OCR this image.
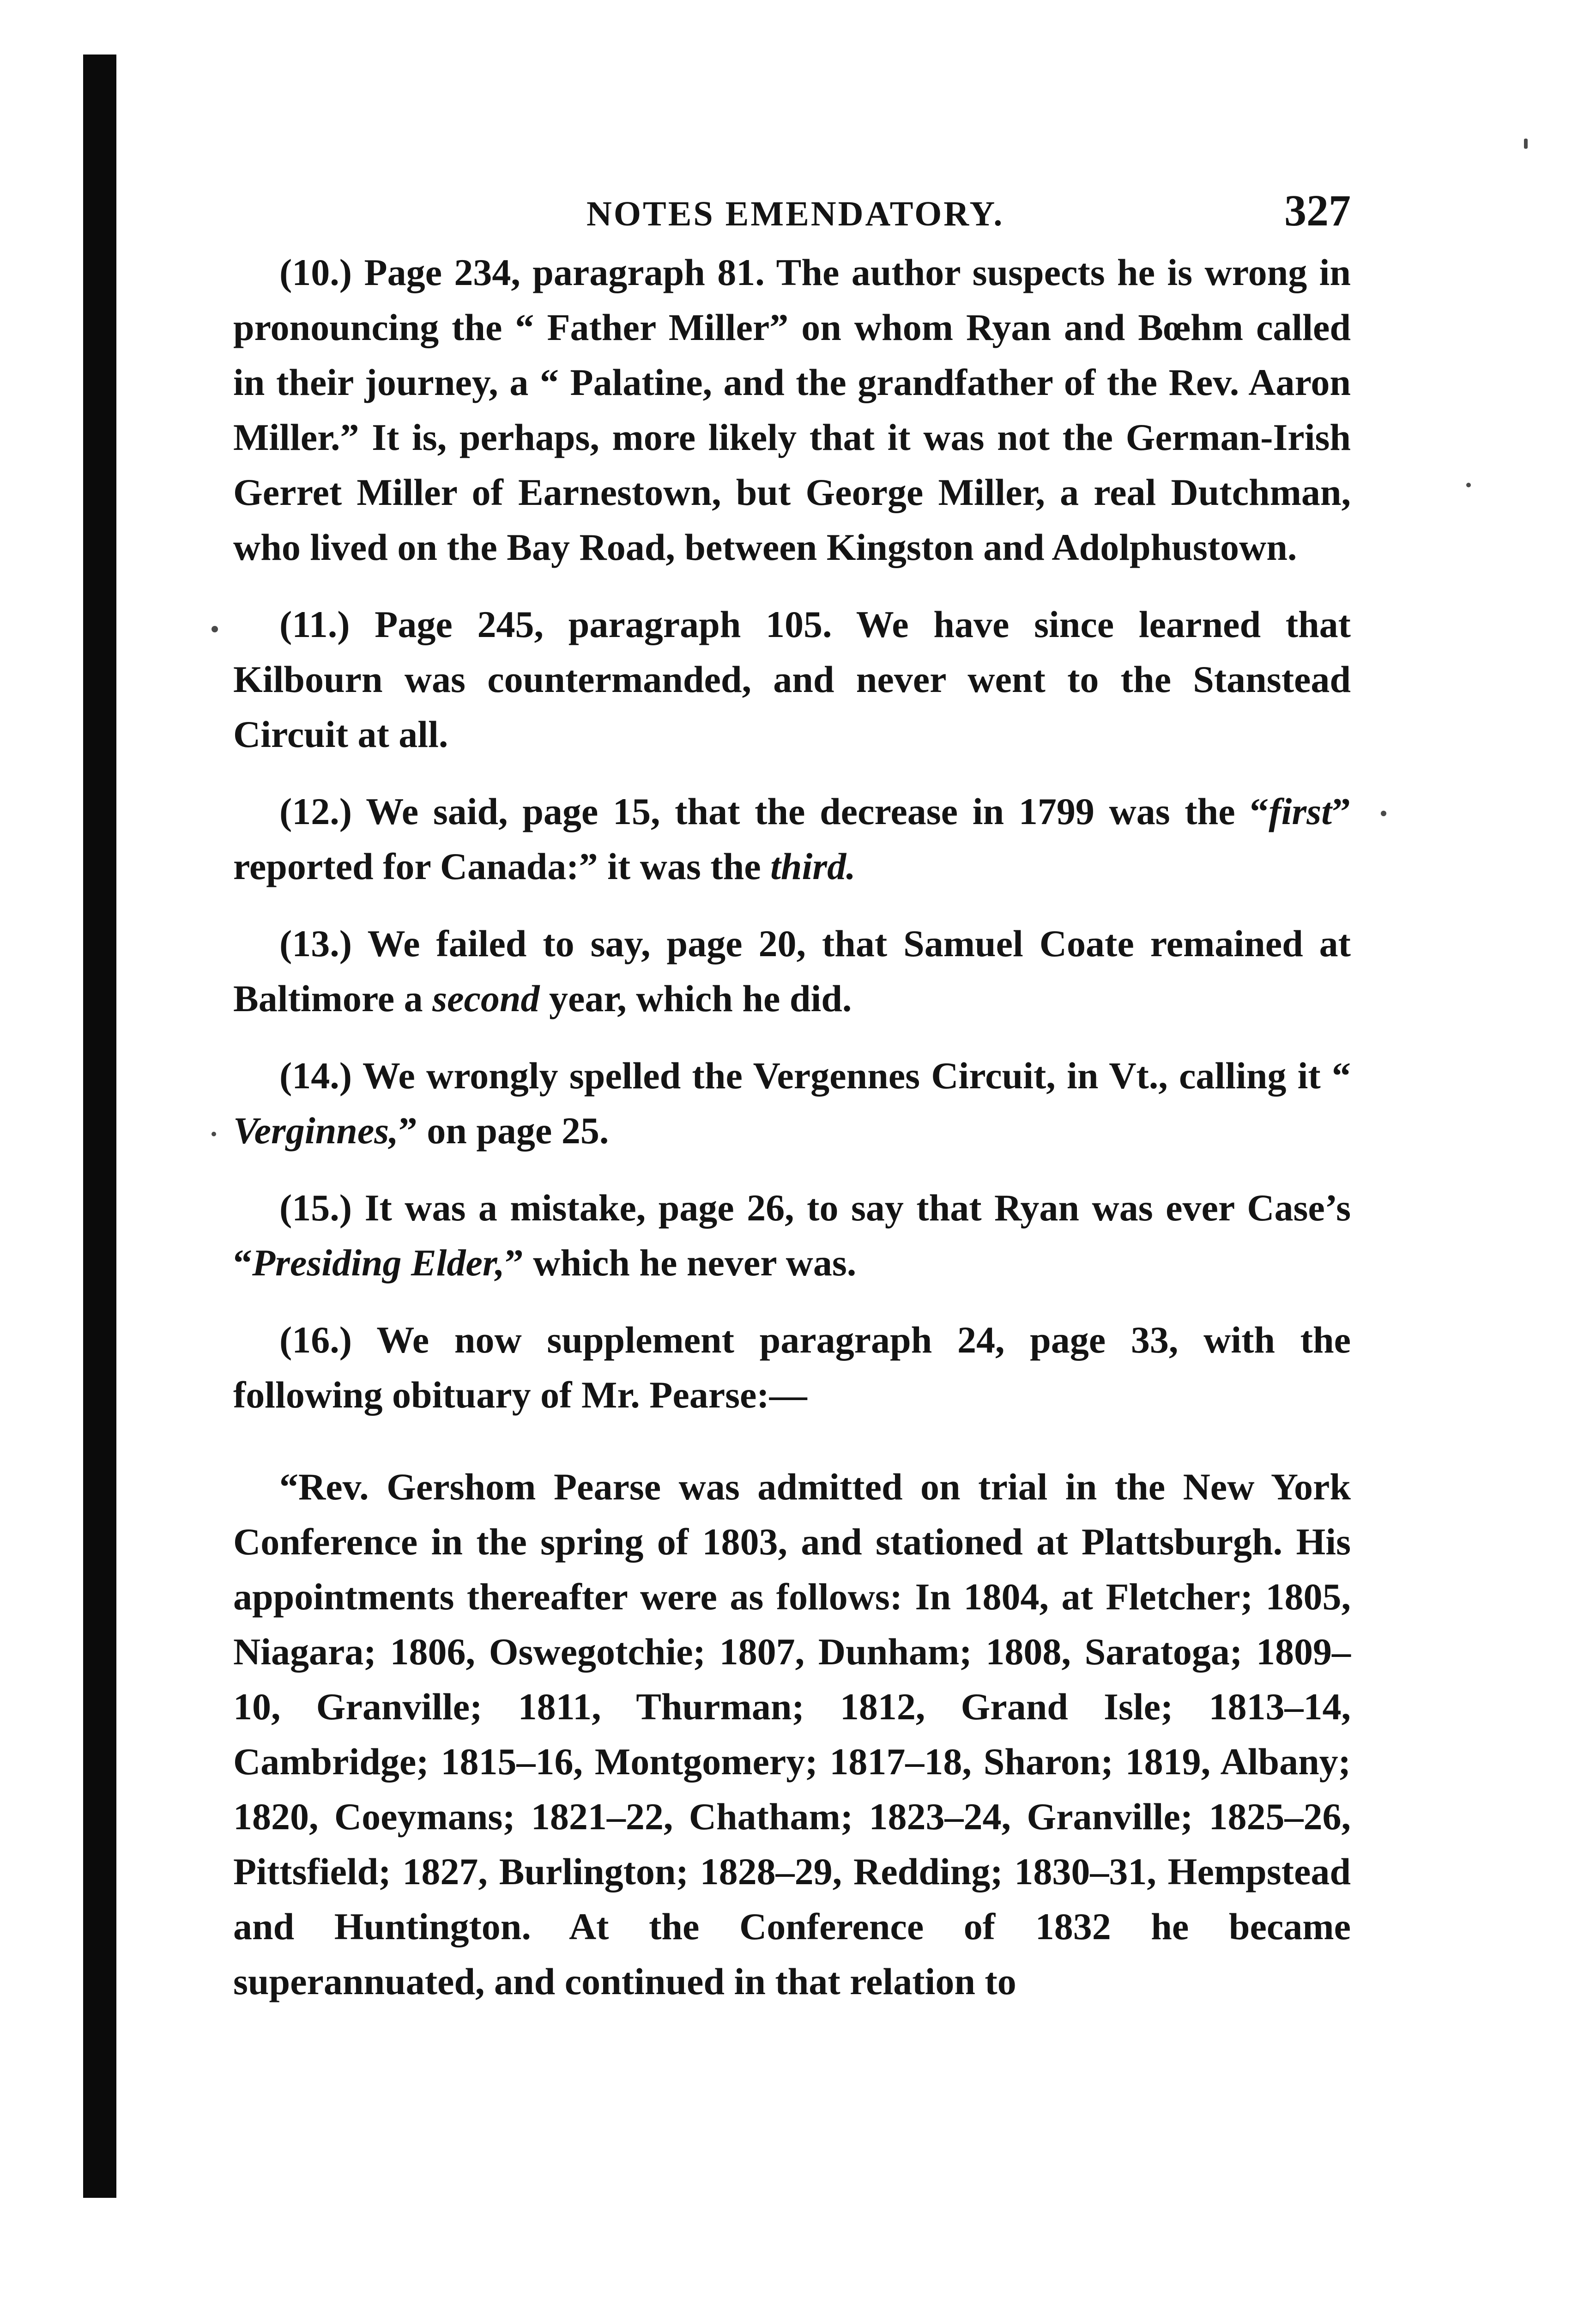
NOTES EMENDATORY.	327

(10.) Page 234, paragraph 81. The author suspects he is wrong in pronouncing the “ Father Miller” on whom Ryan and Bœhm called in their journey, a “ Palatine, and the grandfather of the Rev. Aaron Miller.” It is, perhaps, more likely that it was not the German-Irish Gerret Miller of Earnestown, but George Miller, a real Dutchman, who lived on the Bay Road, between Kingston and Adolphustown.

(11.) Page 245, paragraph 105. We have since learned that Kilbourn was countermanded, and never went to the Stanstead Circuit at all.

(12.) We said, page 15, that the decrease in 1799 was the “first” reported for Canada:” it was the third.

(13.) We failed to say, page 20, that Samuel Coate remained at Baltimore a second year, which he did.

(14.) We wrongly spelled the Vergennes Circuit, in Vt., calling it “ Verginnes,” on page 25.

(15.) It was a mistake, page 26, to say that Ryan was ever Case’s “Presiding Elder,” which he never was.

(16.) We now supplement paragraph 24, page 33, with the following obituary of Mr. Pearse:—

“Rev. Gershom Pearse was admitted on trial in the New York Conference in the spring of 1803, and stationed at Plattsburgh. His appointments thereafter were as follows: In 1804, at Fletcher; 1805, Niagara; 1806, Oswegotchie; 1807, Dunham; 1808, Saratoga; 1809–10, Granville; 1811, Thurman; 1812, Grand Isle; 1813–14, Cambridge; 1815–16, Montgomery; 1817–18, Sharon; 1819, Albany; 1820, Coeymans; 1821–22, Chatham; 1823–24, Granville; 1825–26, Pittsfield; 1827, Burlington; 1828–29, Redding; 1830–31, Hempstead and Huntington. At the Conference of 1832 he became superannuated, and continued in that relation to
